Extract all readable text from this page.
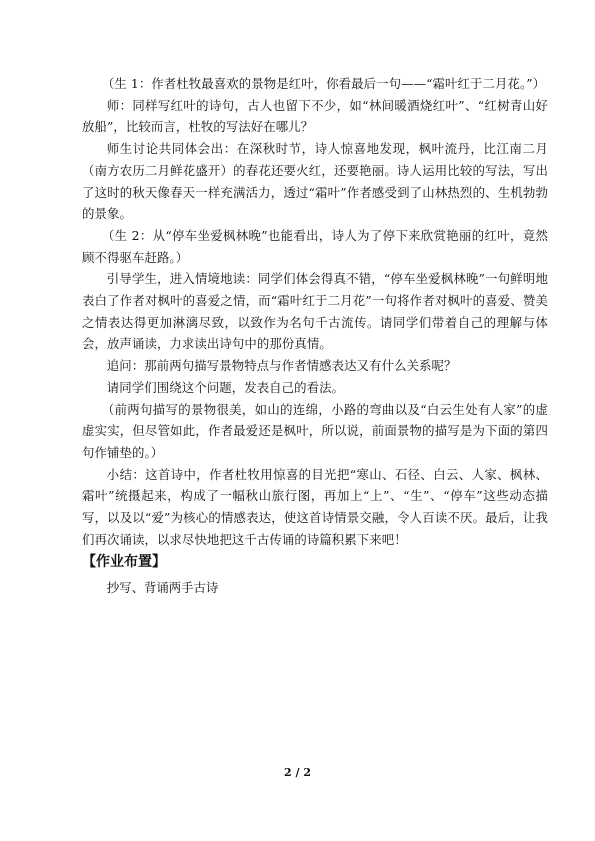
（生 1：作者杜牧最喜欢的景物是红叶，你看最后一句——“霜叶红于二月花。”）

师：同样写红叶的诗句，古人也留下不少，如“林间暖酒烧红叶”、“红树青山好放船”，比较而言，杜牧的写法好在哪儿？

师生讨论共同体会出：在深秋时节，诗人惊喜地发现，枫叶流丹，比江南二月（南方农历二月鲜花盛开）的春花还要火红，还要艳丽。诗人运用比较的写法，写出了这时的秋天像春天一样充满活力，透过“霜叶”作者感受到了山林热烈的、生机勃勃的景象。

（生 2：从“停车坐爱枫林晚”也能看出，诗人为了停下来欣赏艳丽的红叶，竟然顾不得驱车赶路。）

引导学生，进入情境地读：同学们体会得真不错，“停车坐爱枫林晚”一句鲜明地表白了作者对枫叶的喜爱之情，而“霜叶红于二月花”一句将作者对枫叶的喜爱、赞美之情表达得更加淋漓尽致，以致作为名句千古流传。请同学们带着自己的理解与体会，放声诵读，力求读出诗句中的那份真情。

追问：那前两句描写景物特点与作者情感表达又有什么关系呢？

请同学们围绕这个问题，发表自己的看法。

（前两句描写的景物很美，如山的连绵，小路的弯曲以及“白云生处有人家”的虚虚实实，但尽管如此，作者最爱还是枫叶，所以说，前面景物的描写是为下面的第四句作铺垫的。）

小结：这首诗中，作者杜牧用惊喜的目光把“寒山、石径、白云、人家、枫林、霜叶”统摄起来，构成了一幅秋山旅行图，再加上“上”、“生”、“停车”这些动态描写，以及以“爱”为核心的情感表达，使这首诗情景交融，令人百读不厌。最后，让我们再次诵读，以求尽快地把这千古传诵的诗篇积累下来吧！

【作业布置】

抄写、背诵两手古诗

2 / 2
